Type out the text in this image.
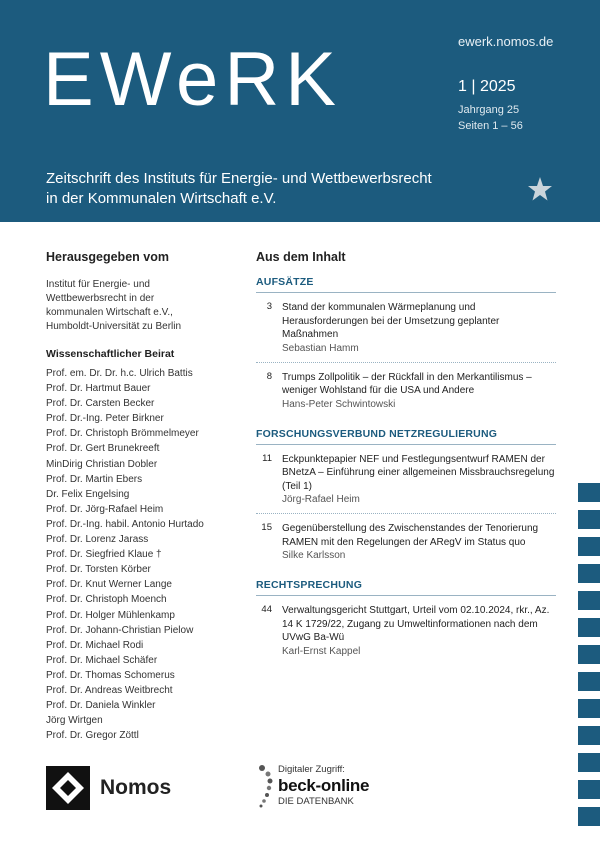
ewerk.nomos.de
EWeRK	1 | 2025
Jahrgang 25
Seiten 1 – 56
Zeitschrift des Instituts für Energie- und Wettbewerbsrecht
in der Kommunalen Wirtschaft e.V.
Herausgegeben vom
Institut für Energie- und
Wettbewerbsrecht in der
kommunalen Wirtschaft e.V.,
Humboldt-Universität zu Berlin
Wissenschaftlicher Beirat
Prof. em. Dr. Dr. h.c. Ulrich Battis
Prof. Dr. Hartmut Bauer
Prof. Dr. Carsten Becker
Prof. Dr.-Ing. Peter Birkner
Prof. Dr. Christoph Brömmelmeyer
Prof. Dr. Gert Brunekreeft
MinDirig Christian Dobler
Prof. Dr. Martin Ebers
Dr. Felix Engelsing
Prof. Dr. Jörg-Rafael Heim
Prof. Dr.-Ing. habil. Antonio Hurtado
Prof. Dr. Lorenz Jarass
Prof. Dr. Siegfried Klaue †
Prof. Dr. Torsten Körber
Prof. Dr. Knut Werner Lange
Prof. Dr. Christoph Moench
Prof. Dr. Holger Mühlenkamp
Prof. Dr. Johann-Christian Pielow
Prof. Dr. Michael Rodi
Prof. Dr. Michael Schäfer
Prof. Dr. Thomas Schomerus
Prof. Dr. Andreas Weitbrecht
Prof. Dr. Daniela Winkler
Jörg Wirtgen
Prof. Dr. Gregor Zöttl
Aus dem Inhalt
AUFSÄTZE
3	Stand der kommunalen Wärmeplanung und Herausforderungen bei der Umsetzung geplanter Maßnahmen
Sebastian Hamm
8	Trumps Zollpolitik – der Rückfall in den Merkantilismus – weniger Wohlstand für die USA und Andere
Hans-Peter Schwintowski
FORSCHUNGSVERBUND NETZREGULIERUNG
11	Eckpunktepapier NEF und Festlegungsentwurf RAMEN der BNetzA – Einführung einer allgemeinen Missbrauchsregelung (Teil 1)
Jörg-Rafael Heim
15	Gegenüberstellung des Zwischenstandes der Tenorierung RAMEN mit den Regelungen der ARegV im Status quo
Silke Karlsson
RECHTSPRECHUNG
44	Verwaltungsgericht Stuttgart, Urteil vom 02.10.2024, rkr., Az. 14 K 1729/22, Zugang zu Umweltinformationen nach dem UVwG Ba-Wü
Karl-Ernst Kappel
Nomos
Digitaler Zugriff:
beck-online
DIE DATENBANK
